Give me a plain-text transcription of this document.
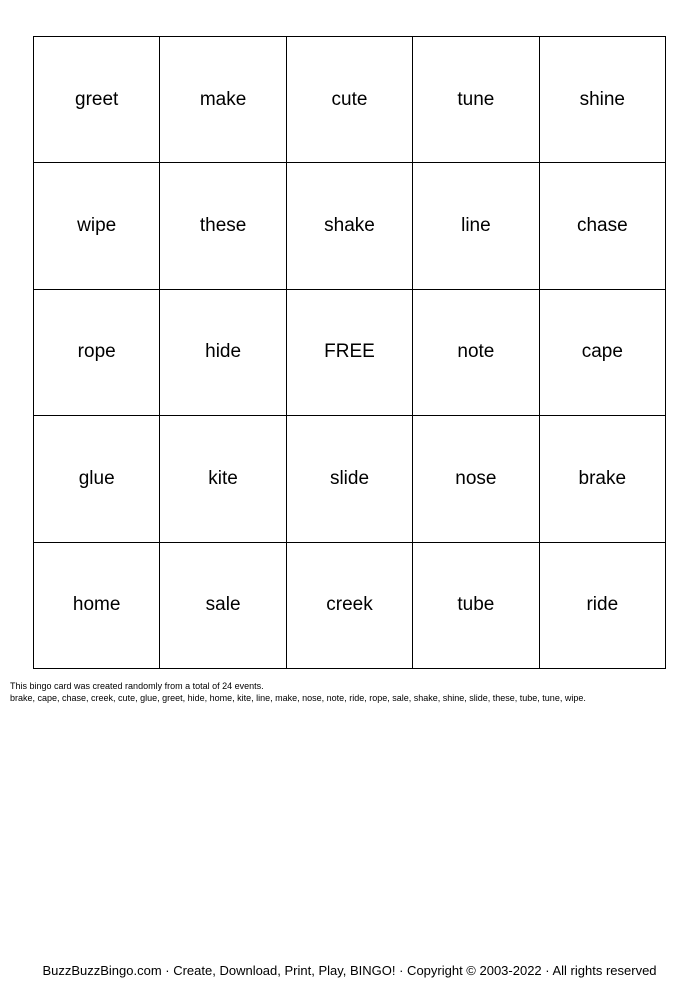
greet	make	cute	tune	shine
wipe	these	shake	line	chase
rope	hide	FREE	note	cape
glue	kite	slide	nose	brake
home	sale	creek	tube	ride
This bingo card was created randomly from a total of 24 events.
brake, cape, chase, creek, cute, glue, greet, hide, home, kite, line, make, nose, note, ride, rope, sale, shake, shine, slide, these, tube, tune, wipe.
BuzzBuzzBingo.com · Create, Download, Print, Play, BINGO! · Copyright © 2003-2022 · All rights reserved
